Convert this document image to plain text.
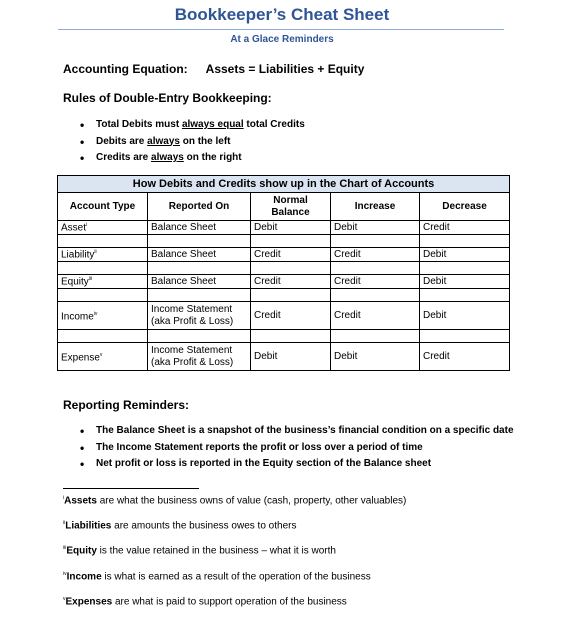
Bookkeeper’s Cheat Sheet
At a Glace Reminders
Accounting Equation: Assets = Liabilities + Equity
Rules of Double-Entry Bookkeeping:
• Total Debits must always equal total Credits
• Debits are always on the left
• Credits are always on the right
How Debits and Credits show up in the Chart of Accounts				
Account Type	Reported On	Normal Balance	Increase	Decrease
Asset$^i$	Balance Sheet	Debit	Debit	Credit

Liability$^{ii}$	Balance Sheet	Credit	Credit	Debit

Equity$^{iii}$	Balance Sheet	Credit	Credit	Debit

Income$^{iv}$	Income Statement (aka Profit & Loss)	Credit	Credit	Debit

Expense$^v$	Income Statement (aka Profit & Loss)	Debit	Debit	Credit
Reporting Reminders:
• The Balance Sheet is a snapshot of the business’s financial condition on a specific date
• The Income Statement reports the profit or loss over a period of time
• Net profit or loss is reported in the Equity section of the Balance sheet
$^i$Assets are what the business owns of value (cash, property, other valuables)
$^{ii}$Liabilities are amounts the business owes to others
$^{iii}$Equity is the value retained in the business – what it is worth
$^{iv}$Income is what is earned as a result of the operation of the business
$^v$Expenses are what is paid to support operation of the business
